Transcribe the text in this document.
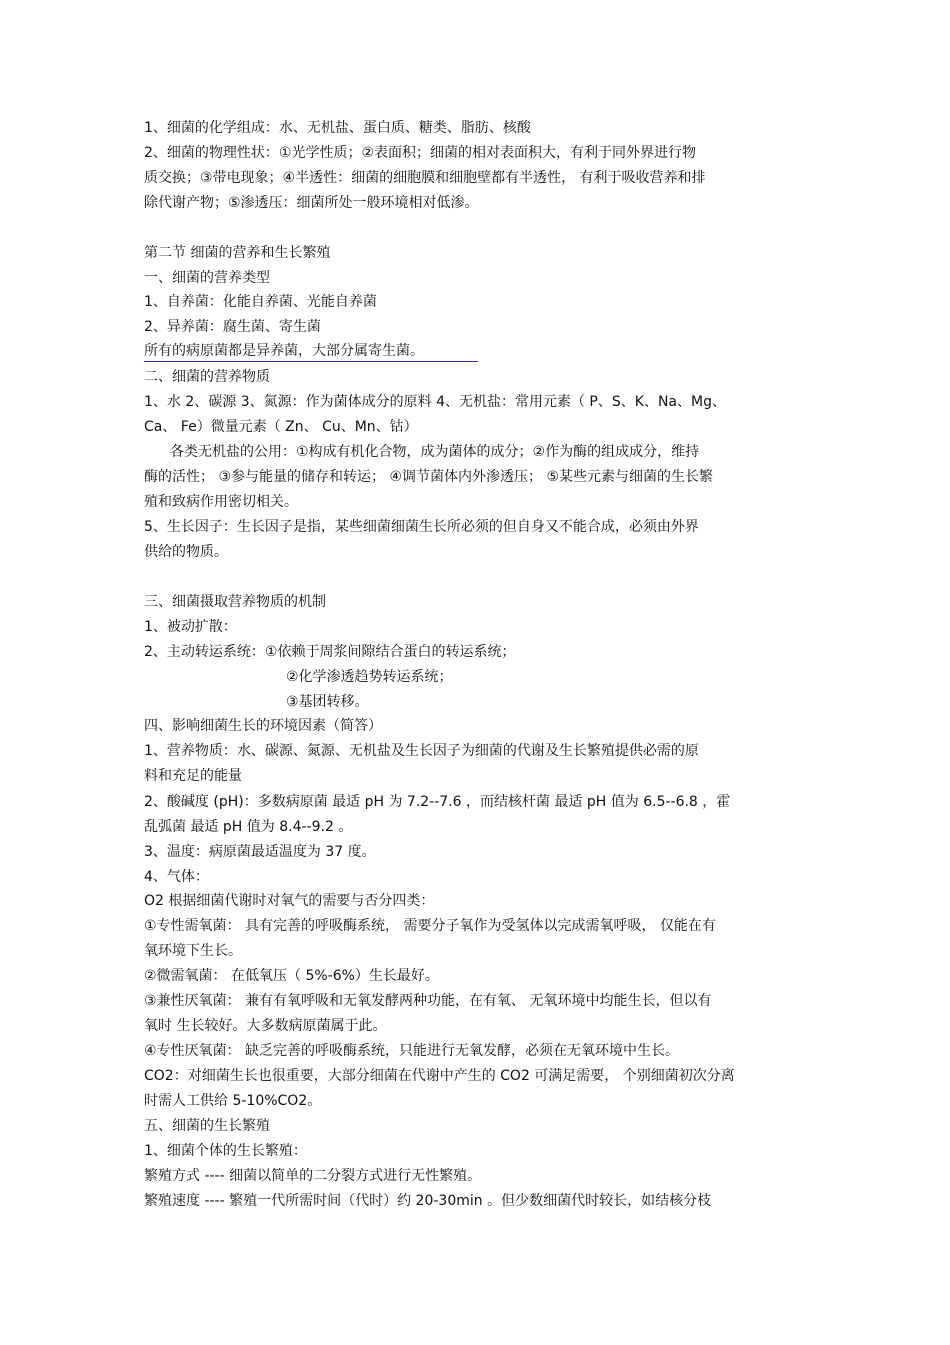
1、细菌的化学组成：水、无机盐、蛋白质、糖类、脂肪、核酸
2、细菌的物理性状：①光学性质；②表面积；细菌的相对表面积大，有利于同外界进行物
质交换；③带电现象；④半透性：细菌的细胞膜和细胞壁都有半透性， 有利于吸收营养和排
除代谢产物；⑤渗透压：细菌所处一般环境相对低渗。
第二节 细菌的营养和生长繁殖
一、细菌的营养类型
1、自养菌：化能自养菌、光能自养菌
2、异养菌：腐生菌、寄生菌
所有的病原菌都是异养菌，大部分属寄生菌。
二、细菌的营养物质
1、水 2、碳源 3、氮源：作为菌体成分的原料 4、无机盐：常用元素（ P、S、K、Na、Mg、
Ca、 Fe）微量元素（ Zn、 Cu、Mn、钴）
各类无机盐的公用：①构成有机化合物，成为菌体的成分；②作为酶的组成成分，维持
酶的活性； ③参与能量的储存和转运； ④调节菌体内外渗透压； ⑤某些元素与细菌的生长繁
殖和致病作用密切相关。
5、生长因子：生长因子是指，某些细菌细菌生长所必须的但自身又不能合成，必须由外界
供给的物质。
三、细菌摄取营养物质的机制
1、被动扩散：
2、主动转运系统：①依赖于周浆间隙结合蛋白的转运系统；
②化学渗透趋势转运系统；
③基团转移。
四、影响细菌生长的环境因素（简答）
1、营养物质：水、碳源、氮源、无机盐及生长因子为细菌的代谢及生长繁殖提供必需的原
料和充足的能量
2、酸碱度 (pH)：多数病原菌 最适 pH 为 7.2--7.6 ，而结核杆菌 最适 pH 值为 6.5--6.8 ，霍
乱弧菌 最适 pH 值为 8.4--9.2 。
3、温度：病原菌最适温度为 37 度。
4、气体：
O2 根据细菌代谢时对氧气的需要与否分四类：
①专性需氧菌： 具有完善的呼吸酶系统， 需要分子氧作为受氢体以完成需氧呼吸， 仅能在有
氧环境下生长。
②微需氧菌： 在低氧压（ 5%-6%）生长最好。
③兼性厌氧菌： 兼有有氧呼吸和无氧发酵两种功能，在有氧、 无氧环境中均能生长，但以有
氧时 生长较好。大多数病原菌属于此。
④专性厌氧菌： 缺乏完善的呼吸酶系统，只能进行无氧发酵，必须在无氧环境中生长。
CO2：对细菌生长也很重要，大部分细菌在代谢中产生的 CO2 可满足需要， 个别细菌初次分离
时需人工供给 5-10%CO2。
五、细菌的生长繁殖
1、细菌个体的生长繁殖：
繁殖方式 ---- 细菌以简单的二分裂方式进行无性繁殖。
繁殖速度 ---- 繁殖一代所需时间（代时）约 20-30min 。但少数细菌代时较长，如结核分枝
